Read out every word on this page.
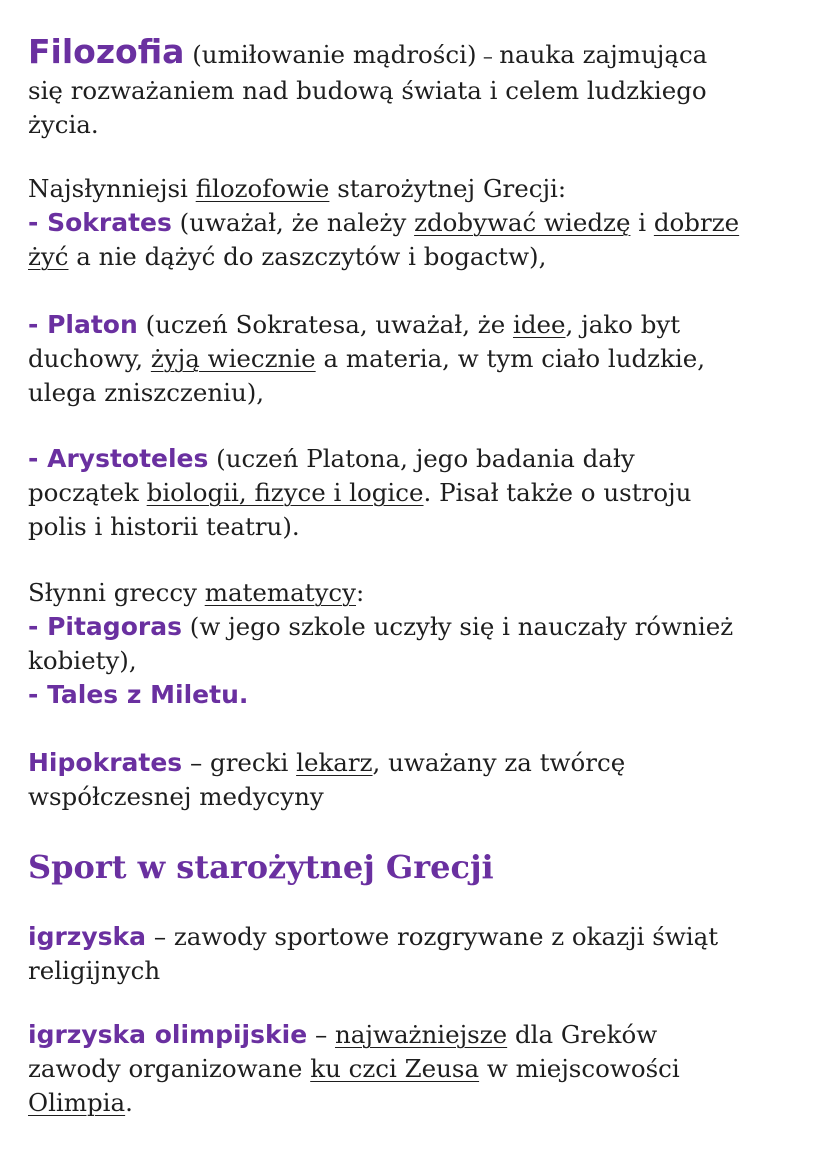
Filozofia (umiłowanie mądrości) – nauka zajmująca

się rozważaniem nad budową świata i celem ludzkiego

życia.

Najsłynniejsi filozofowie starożytnej Grecji:

- Sokrates (uważał, że należy zdobywać wiedzę i dobrze

żyć a nie dążyć do zaszczytów i bogactw),

- Platon (uczeń Sokratesa, uważał, że idee, jako byt

duchowy, żyją wiecznie a materia, w tym ciało ludzkie,

ulega zniszczeniu),

- Arystoteles (uczeń Platona, jego badania dały

początek biologii, fizyce i logice. Pisał także o ustroju

polis i historii teatru).

Słynni greccy matematycy:

- Pitagoras (w jego szkole uczyły się i nauczały również

kobiety),

- Tales z Miletu.

Hipokrates – grecki lekarz, uważany za twórcę

współczesnej medycyny

Sport w starożytnej Grecji

igrzyska – zawody sportowe rozgrywane z okazji świąt

religijnych

igrzyska olimpijskie – najważniejsze dla Greków

zawody organizowane ku czci Zeusa w miejscowości

Olimpia.
